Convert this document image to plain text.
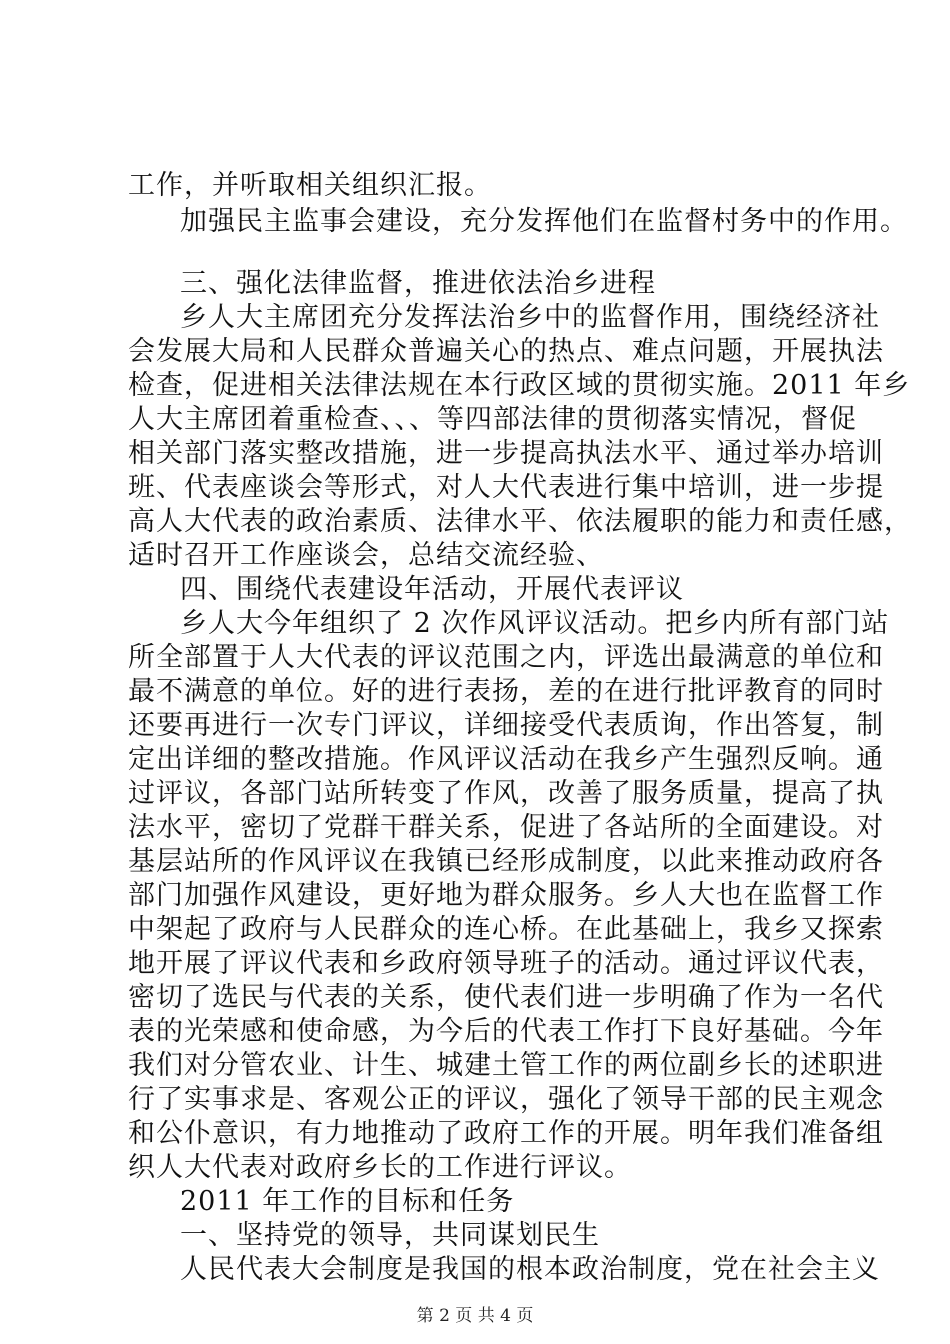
工作，并听取相关组织汇报。
加强民主监事会建设，充分发挥他们在监督村务中的作用。
三、强化法律监督，推进依法治乡进程
乡人大主席团充分发挥法治乡中的监督作用，围绕经济社
会发展大局和人民群众普遍关心的热点、难点问题，开展执法
检查，促进相关法律法规在本行政区域的贯彻实施。2011 年乡
人大主席团着重检查、、、等四部法律的贯彻落实情况，督促
相关部门落实整改措施，进一步提高执法水平、通过举办培训
班、代表座谈会等形式，对人大代表进行集中培训，进一步提
高人大代表的政治素质、法律水平、依法履职的能力和责任感，
适时召开工作座谈会，总结交流经验、
四、围绕代表建设年活动，开展代表评议
乡人大今年组织了 2 次作风评议活动。把乡内所有部门站
所全部置于人大代表的评议范围之内，评选出最满意的单位和
最不满意的单位。好的进行表扬，差的在进行批评教育的同时
还要再进行一次专门评议，详细接受代表质询，作出答复，制
定出详细的整改措施。作风评议活动在我乡产生强烈反响。通
过评议，各部门站所转变了作风，改善了服务质量，提高了执
法水平，密切了党群干群关系，促进了各站所的全面建设。对
基层站所的作风评议在我镇已经形成制度，以此来推动政府各
部门加强作风建设，更好地为群众服务。乡人大也在监督工作
中架起了政府与人民群众的连心桥。在此基础上，我乡又探索
地开展了评议代表和乡政府领导班子的活动。通过评议代表，
密切了选民与代表的关系，使代表们进一步明确了作为一名代
表的光荣感和使命感，为今后的代表工作打下良好基础。今年
我们对分管农业、计生、城建土管工作的两位副乡长的述职进
行了实事求是、客观公正的评议，强化了领导干部的民主观念
和公仆意识，有力地推动了政府工作的开展。明年我们准备组
织人大代表对政府乡长的工作进行评议。
2011 年工作的目标和任务
一、坚持党的领导，共同谋划民生
人民代表大会制度是我国的根本政治制度，党在社会主义
第 2 页 共 4 页
